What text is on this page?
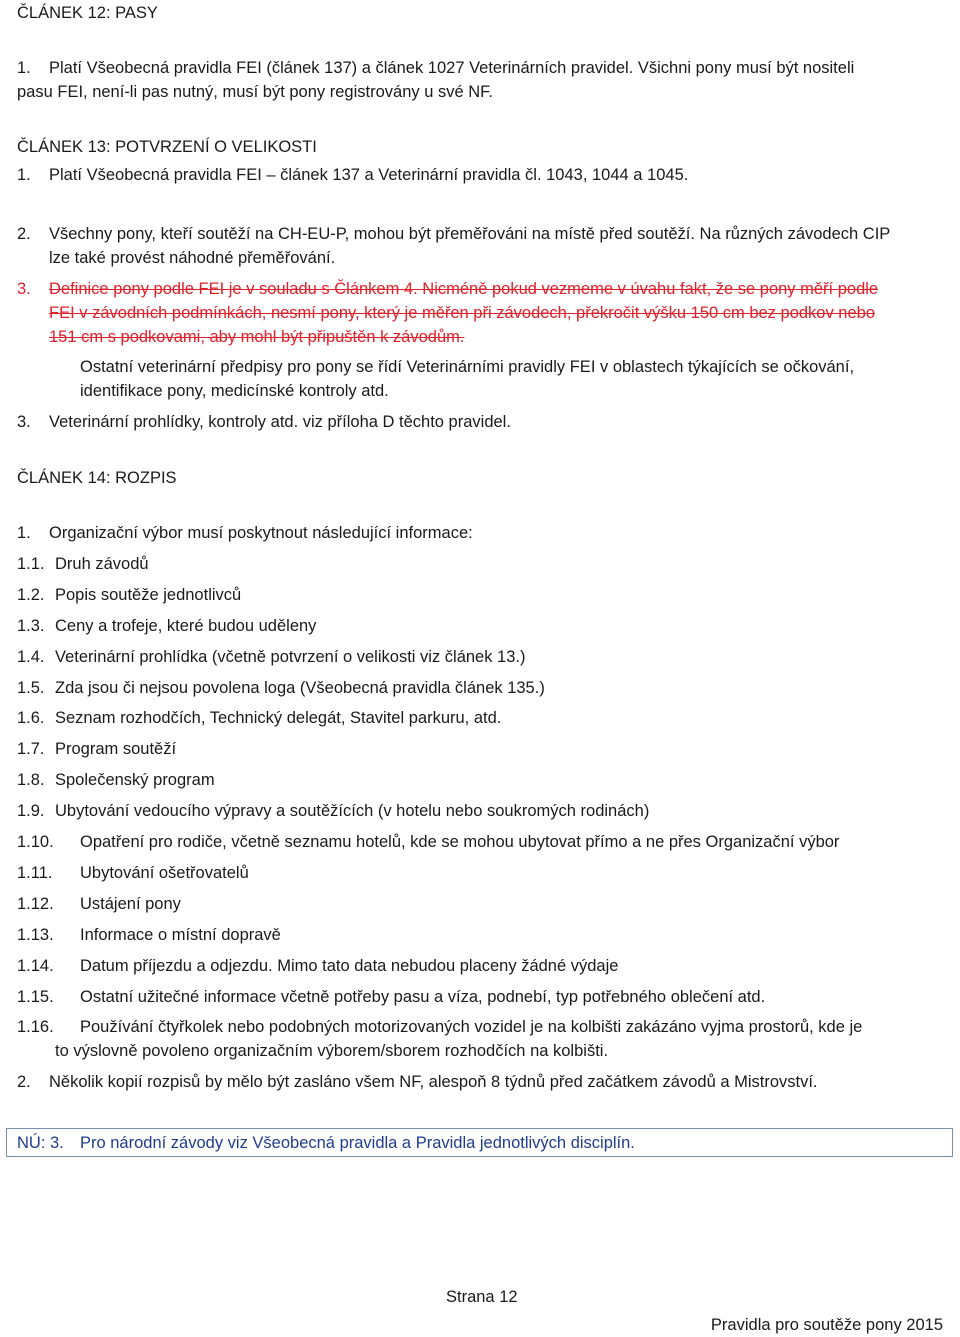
ČLÁNEK 12: PASY
1. Platí Všeobecná pravidla FEI (článek 137) a článek 1027 Veterinárních pravidel. Všichni pony musí být nositeli
pasu FEI, není-li pas nutný, musí být pony registrovány u své NF.
ČLÁNEK 13: POTVRZENÍ O VELIKOSTI
1. Platí Všeobecná pravidla FEI – článek 137 a Veterinární pravidla čl. 1043, 1044 a 1045.
2. Všechny pony, kteří soutěží na CH-EU-P, mohou být přeměřováni na místě před soutěží. Na různých závodech CIP
lze také provést náhodné přeměřování.
3. Definice pony podle FEI je v souladu s Článkem 4. Nicméně pokud vezmeme v úvahu fakt, že se pony měří podle
FEI v závodních podmínkách, nesmí pony, který je měřen při závodech, překročit výšku 150 cm bez podkov nebo
151 cm s podkovami, aby mohl být připuštěn k závodům.
Ostatní veterinární předpisy pro pony se řídí Veterinárními pravidly FEI v oblastech týkajících se očkování,
identifikace pony, medicínské kontroly atd.
3. Veterinární prohlídky, kontroly atd. viz příloha D těchto pravidel.
ČLÁNEK 14: ROZPIS
1. Organizační výbor musí poskytnout následující informace:
1.1. Druh závodů
1.2. Popis soutěže jednotlivců
1.3. Ceny a trofeje, které budou uděleny
1.4. Veterinární prohlídka (včetně potvrzení o velikosti viz článek 13.)
1.5. Zda jsou či nejsou povolena loga (Všeobecná pravidla článek 135.)
1.6. Seznam rozhodčích, Technický delegát, Stavitel parkuru, atd.
1.7. Program soutěží
1.8. Společenský program
1.9. Ubytování vedoucího výpravy a soutěžících (v hotelu nebo soukromých rodinách)
1.10. Opatření pro rodiče, včetně seznamu hotelů, kde se mohou ubytovat přímo a ne přes Organizační výbor
1.11. Ubytování ošetřovatelů
1.12. Ustájení pony
1.13. Informace o místní dopravě
1.14. Datum příjezdu a odjezdu. Mimo tato data nebudou placeny žádné výdaje
1.15. Ostatní užitečné informace včetně potřeby pasu a víza, podnebí, typ potřebného oblečení atd.
1.16. Používání čtyřkolek nebo podobných motorizovaných vozidel je na kolbišti zakázáno vyjma prostorů, kde je
to výslovně povoleno organizačním výborem/sborem rozhodčích na kolbišti.
2. Několik kopií rozpisů by mělo být zasláno všem NF, alespoň 8 týdnů před začátkem závodů a Mistrovství.
NÚ: 3. Pro národní závody viz Všeobecná pravidla a Pravidla jednotlivých disciplín.
Strana 12
Pravidla pro soutěže pony 2015
